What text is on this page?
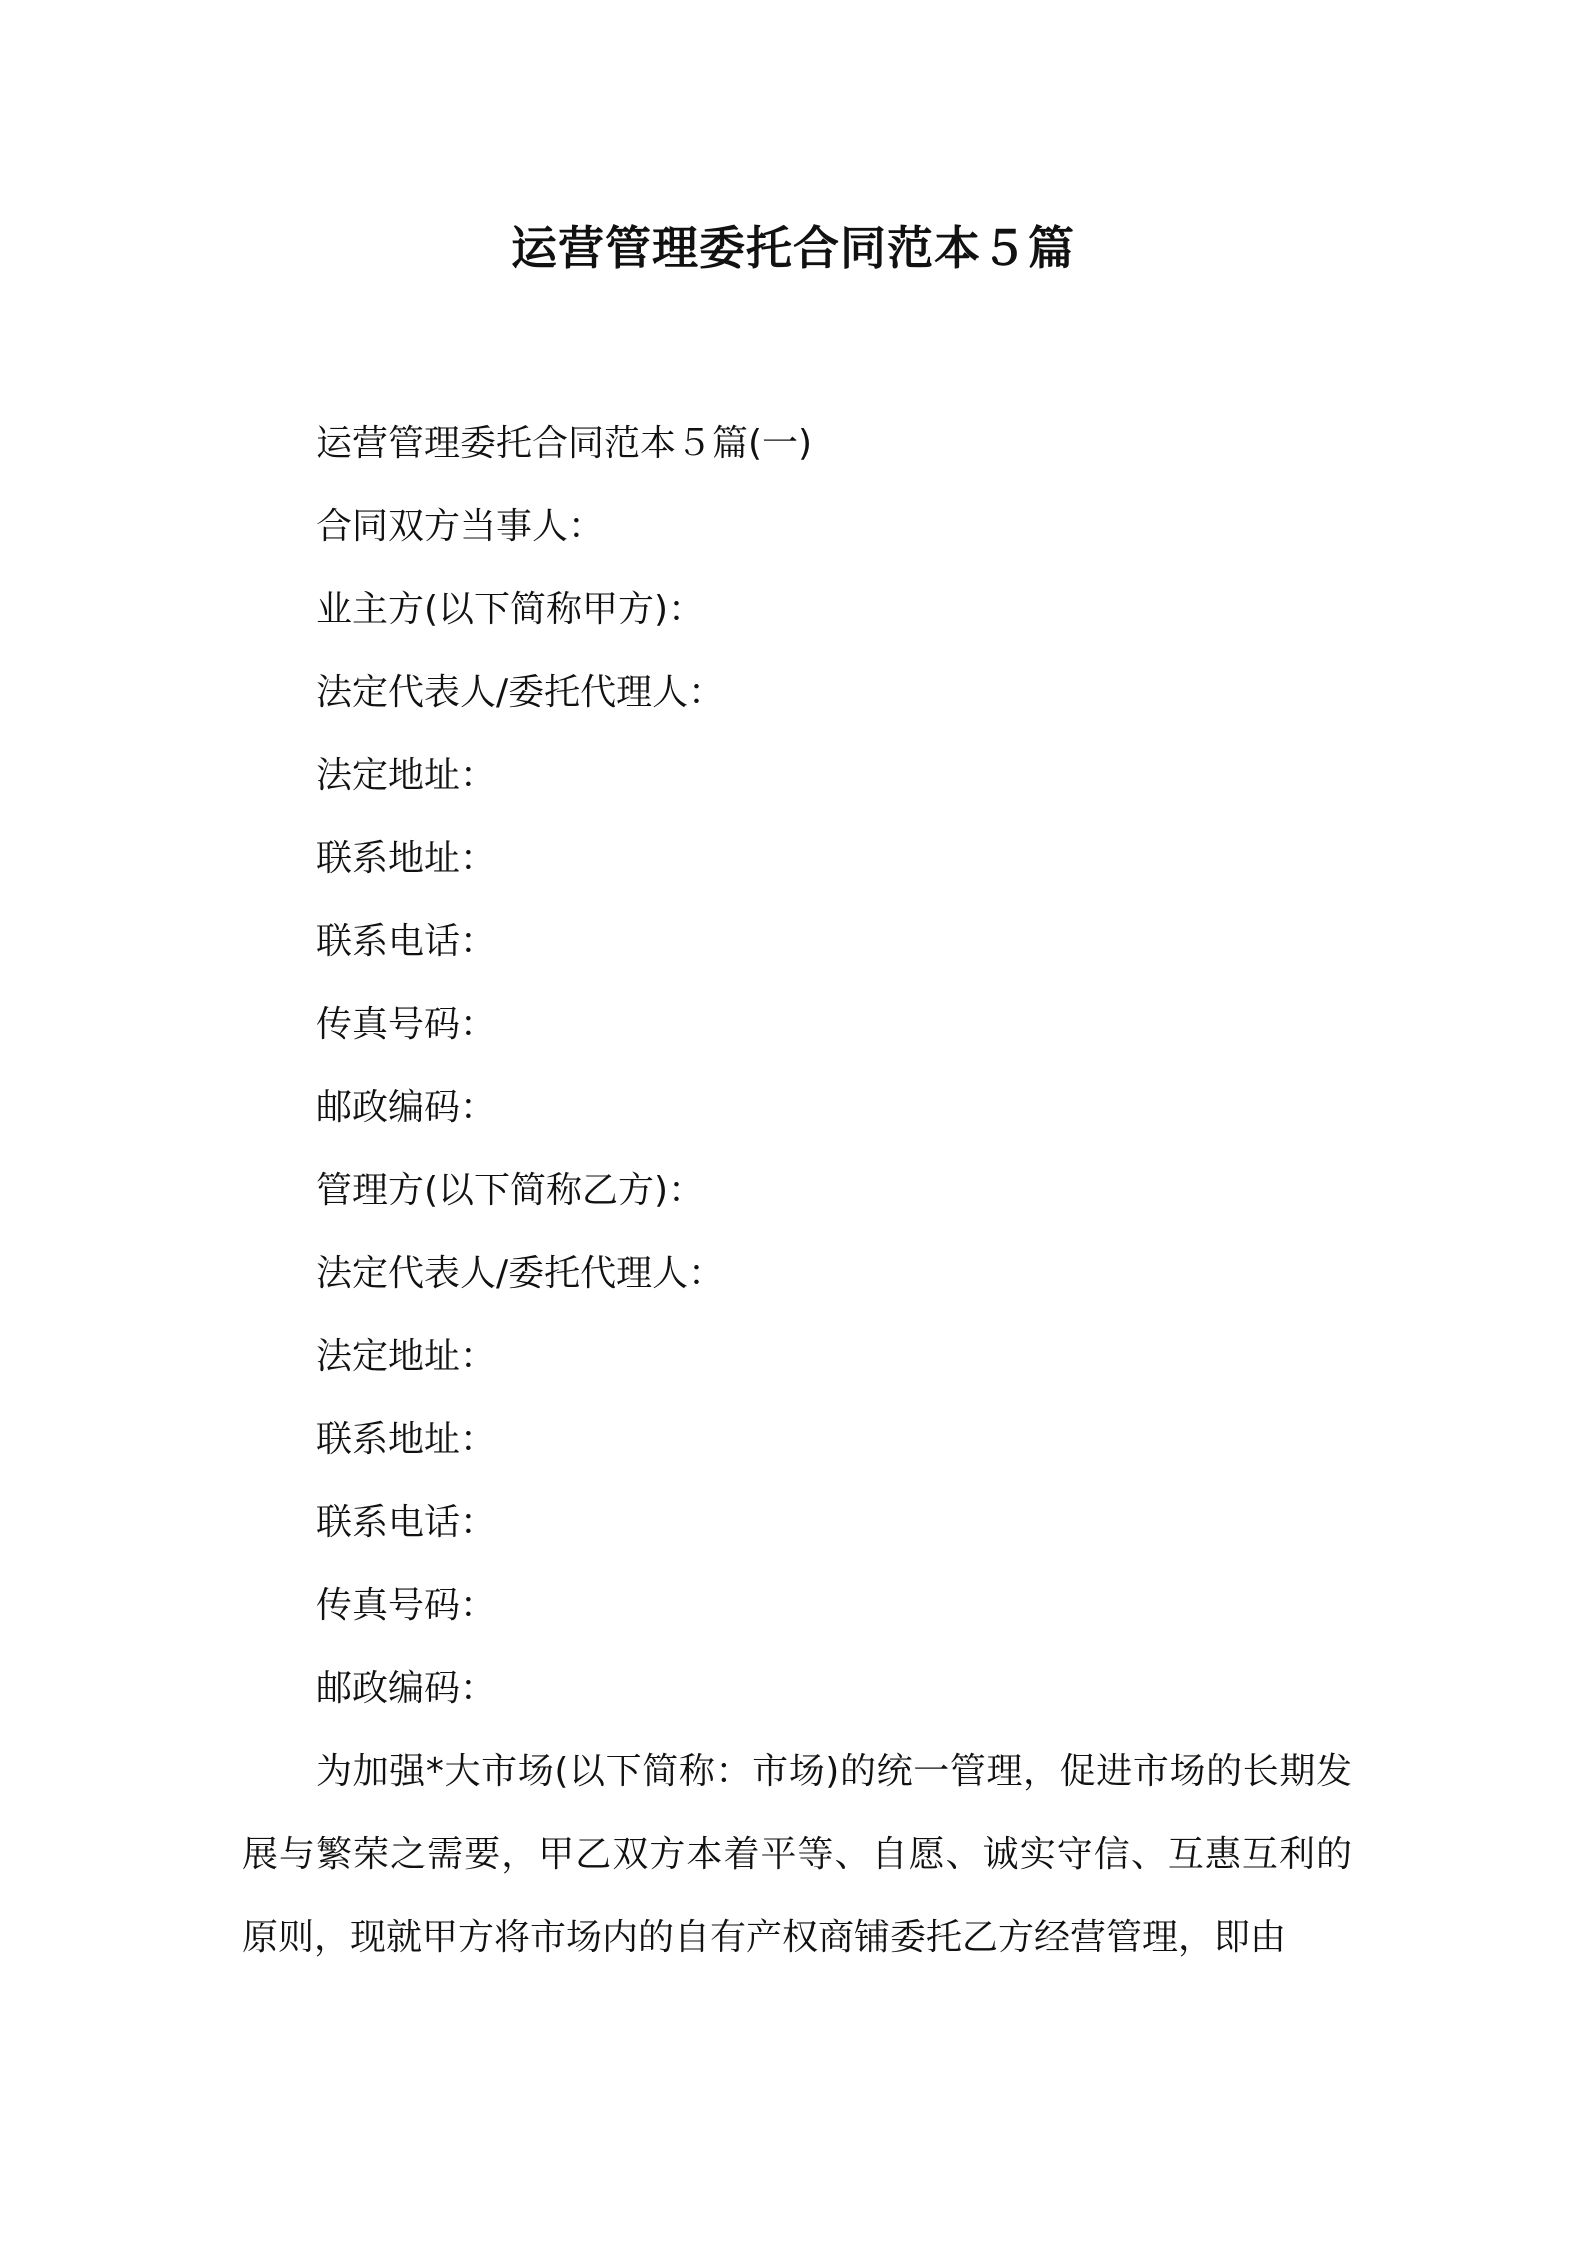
运营管理委托合同范本５篇
运营管理委托合同范本５篇(一)
合同双方当事人：
业主方(以下简称甲方)：
法定代表人/委托代理人：
法定地址：
联系地址：
联系电话：
传真号码：
邮政编码：
管理方(以下简称乙方)：
法定代表人/委托代理人：
法定地址：
联系地址：
联系电话：
传真号码：
邮政编码：
为加强*大市场(以下简称：市场)的统一管理，促进市场的长期发展与繁荣之需要，甲乙双方本着平等、自愿、诚实守信、互惠互利的原则，现就甲方将市场内的自有产权商铺委托乙方经营管理，即由
